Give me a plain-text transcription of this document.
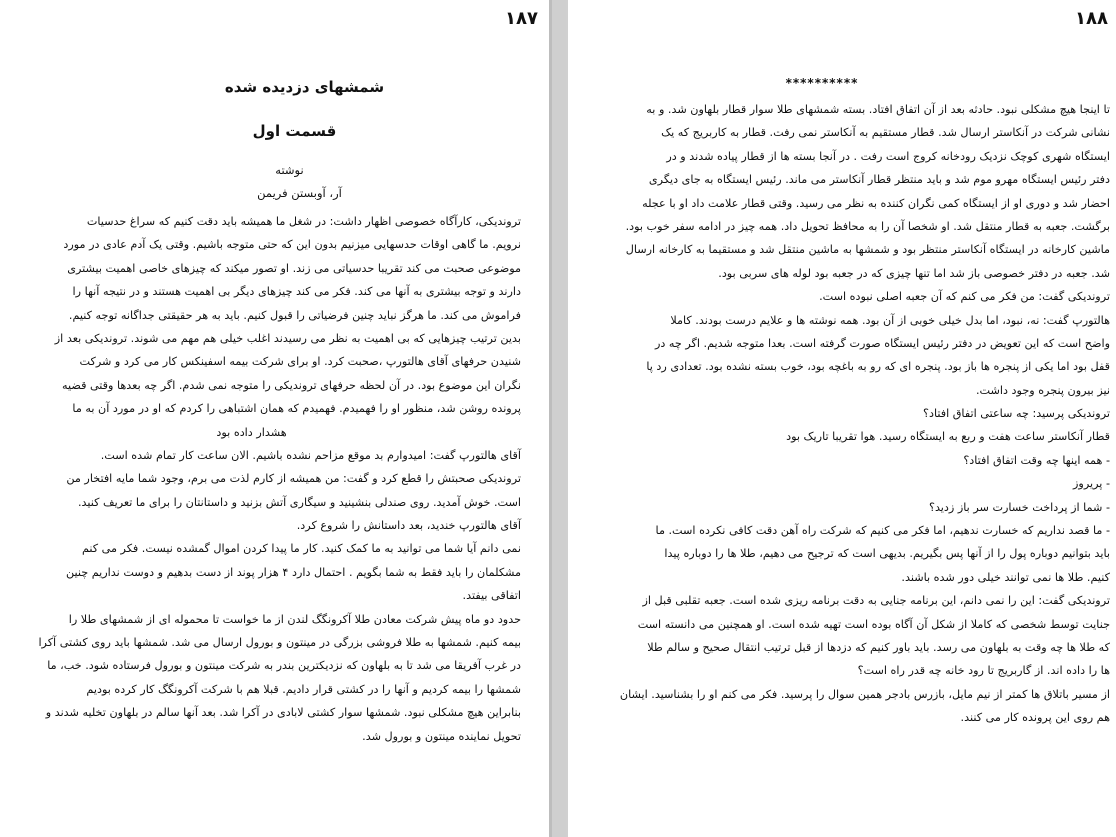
۱۸۷
شمشهای دزدیده شده
قسمت اول
نوشته
آر، آوبستن فریمن
تروندیکی، کارآگاه خصوصی اظهار داشت: در شغل ما همیشه باید دقت کنیم که سراغ حدسیات
نرویم. ما گاهی اوقات حدسهایی میزنیم بدون این که حتی متوجه باشیم. وقتی یک آدم عادی در مورد
موضوعی صحبت می کند تقریبا حدسیاتی می زند. او تصور میکند که چیزهای خاصی اهمیت بیشتری
دارند و توجه بیشتری به آنها می کند. فکر می کند چیزهای دیگر بی اهمیت هستند و در نتیجه آنها را
فراموش می کند. ما هرگز نباید چنین فرضیاتی را قبول کنیم. باید به هر حقیقتی جداگانه توجه کنیم.
بدین ترتیب چیزهایی که بی اهمیت به نظر می رسیدند اغلب خیلی هم مهم می شوند. تروندیکی بعد از
شنیدن حرفهای آقای هالتورپ ،صحبت کرد. او برای شرکت بیمه اسفینکس کار می کرد و شرکت
نگران این موضوع بود. در آن لحظه حرفهای تروندیکی را متوجه نمی شدم. اگر چه بعدها وقتی قضیه
پرونده روشن شد، منظور او را فهمیدم. فهمیدم که همان اشتباهی را کردم که او در مورد آن به ما
هشدار داده بود
آقای هالتورپ گفت: امیدوارم بد موقع مزاحم نشده باشیم. الان ساعت کار تمام شده است.
تروندیکی صحبتش را قطع کرد و گفت: من همیشه از کارم لذت می برم، وجود شما مایه افتخار من
است. خوش آمدید. روی صندلی بنشینید و سیگاری آتش بزنید و داستانتان را برای ما تعریف کنید.
آقای هالتورپ خندید، بعد داستانش را شروع کرد.
نمی دانم آیا شما می توانید به ما کمک کنید. کار ما پیدا کردن اموال گمشده نیست. فکر می کنم
مشکلمان را باید فقط به شما بگویم . احتمال دارد ۴ هزار پوند از دست بدهیم و دوست نداریم چنین
اتفاقی بیفتد.
حدود دو ماه پیش شرکت معادن طلا آکرونگگ لندن از ما خواست تا محموله ای از شمشهای طلا را
بیمه کنیم. شمشها به طلا فروشی بزرگی در مینتون و بورول ارسال می شد. شمشها باید روی کشتی آکرا
در غرب آفریقا می شد تا به بلهاون که نزدیکترین بندر به شرکت مینتون و بورول فرستاده شود. خب، ما
شمشها را بیمه کردیم و آنها را در کشتی قرار دادیم. قبلا هم با شرکت آکرونگگ کار کرده بودیم
بنابراین هیچ مشکلی نبود. شمشها سوار کشتی لابادی در آکرا شد. بعد آنها سالم در بلهاون تخلیه شدند و
تحویل نماینده مینتون و بورول شد.
۱۸۸
**********
تا اینجا هیچ مشکلی نبود. حادثه بعد از آن اتفاق افتاد. بسته شمشهای طلا سوار قطار بلهاون شد. و به
نشانی شرکت در آنکاستر ارسال شد. قطار مستقیم به آنکاستر نمی رفت. قطار به کاربریج که یک
ایستگاه شهری کوچک نزدیک رودخانه کروج است رفت . در آنجا بسته ها از قطار پیاده شدند و در
دفتر رئیس ایستگاه مهرو موم شد و باید منتظر قطار آنکاستر می ماند. رئیس ایستگاه به جای دیگری
احضار شد و دوری او از ایستگاه کمی نگران کننده به نظر می رسید. وقتی قطار علامت داد او با عجله
برگشت. جعبه به قطار منتقل شد. او شخصا آن را به محافظ تحویل داد. همه چیز در ادامه سفر خوب بود.
ماشین کارخانه در ایستگاه آنکاستر منتظر بود و شمشها به ماشین منتقل شد و مستقیما به کارخانه ارسال
شد. جعبه در دفتر خصوصی باز شد اما تنها چیزی که در جعبه بود لوله های سربی بود.
تروندیکی گفت: من فکر می کنم که آن جعبه اصلی نبوده است.
هالتورپ گفت: نه، نبود، اما بدل خیلی خوبی از آن بود. همه نوشته ها و علایم درست بودند. کاملا
واضح است که این تعویض در دفتر رئیس ایستگاه صورت گرفته است. بعدا متوجه شدیم. اگر چه در
قفل بود اما یکی از پنجره ها باز بود. پنجره ای که رو به باغچه بود، خوب بسته نشده بود. تعدادی رد پا
نیز بیرون پنجره وجود داشت.
تروندیکی پرسید: چه ساعتی اتفاق افتاد؟
قطار آنکاستر ساعت هفت و ربع به ایستگاه رسید. هوا تقریبا تاریک بود
- همه اینها چه وقت اتفاق افتاد؟
- پریروز
- شما از پرداخت خسارت سر باز زدید؟
- ما قصد نداریم که خسارت ندهیم، اما فکر می کنیم که شرکت راه آهن دقت کافی نکرده است. ما
باید بتوانیم دوباره پول را از آنها پس بگیریم. بدیهی است که ترجیح می دهیم، طلا ها را دوباره پیدا
کنیم. طلا ها نمی توانند خیلی دور شده باشند.
تروندیکی گفت: این را نمی دانم، این برنامه جنایی به دقت برنامه ریزی شده است. جعبه تقلبی قبل از
جنایت توسط شخصی که کاملا از شکل آن آگاه بوده است تهیه شده است. او همچنین می دانسته است
که طلا ها چه وقت به بلهاون می رسد. باید باور کنیم که دزدها از قبل ترتیب انتقال صحیح و سالم طلا
ها را داده اند. از گاربریج تا رود خانه چه قدر راه است؟
از مسیر باتلاق ها کمتر از نیم مایل، بازرس بادجر همین سوال را پرسید. فکر می کنم او را بشناسید. ایشان
هم روی این پرونده کار می کنند.
